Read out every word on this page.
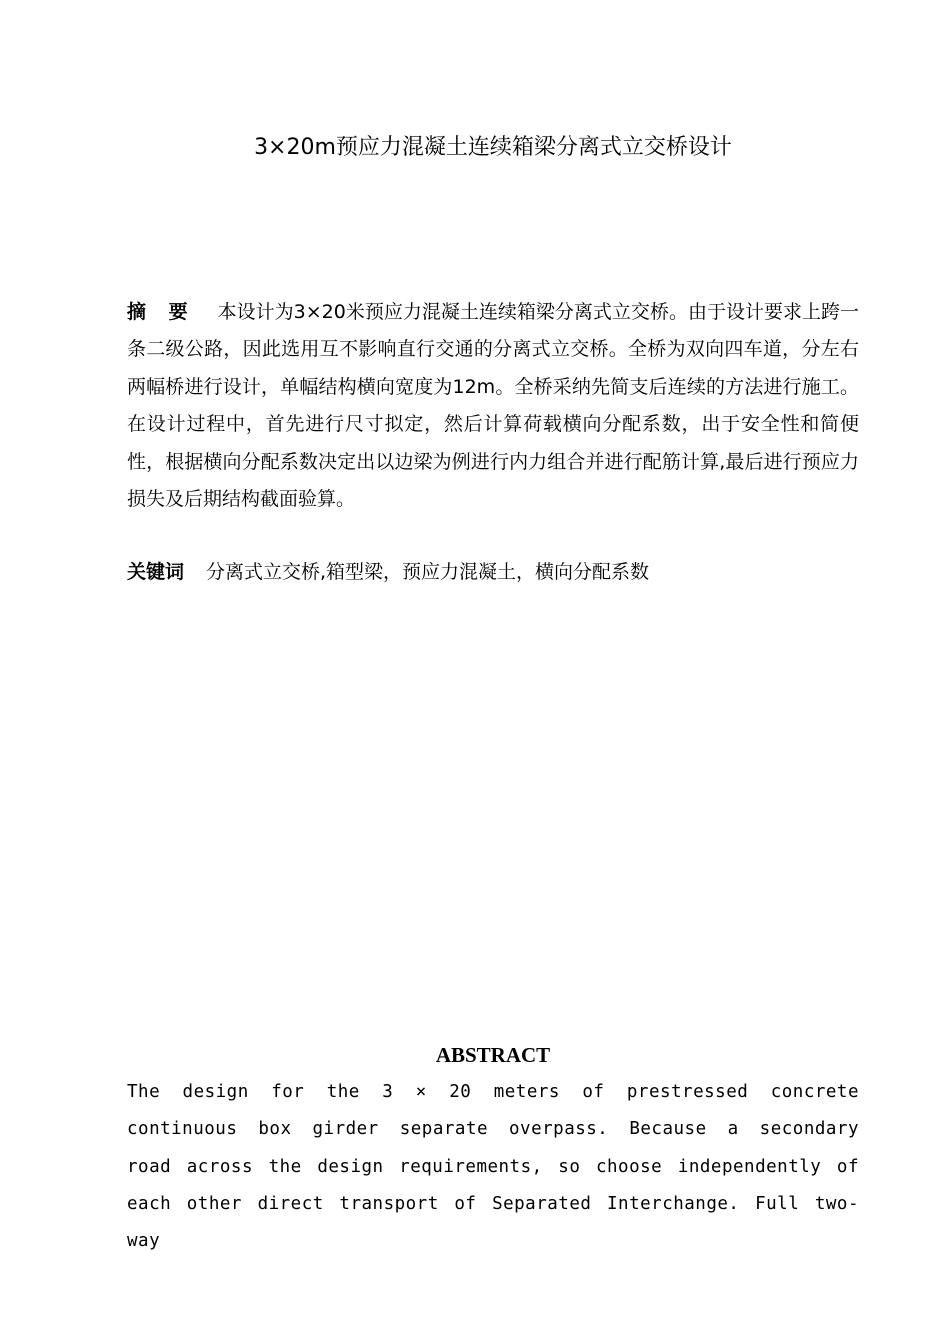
3×20m预应力混凝土连续箱梁分离式立交桥设计

摘 要 本设计为3×20米预应力混凝土连续箱梁分离式立交桥。由于设计要求上跨一条二级公路，因此选用互不影响直行交通的分离式立交桥。全桥为双向四车道，分左右两幅桥进行设计，单幅结构横向宽度为12m。全桥采纳先简支后连续的方法进行施工。在设计过程中，首先进行尺寸拟定，然后计算荷载横向分配系数，出于安全性和简便性，根据横向分配系数决定出以边梁为例进行内力组合并进行配筋计算,最后进行预应力损失及后期结构截面验算。

关键词 分离式立交桥,箱型梁，预应力混凝土，横向分配系数

ABSTRACT

The design for the 3 × 20 meters of prestressed concrete continuous box girder separate overpass. Because a secondary road across the design requirements, so choose independently of each other direct transport of Separated Interchange. Full two-way
